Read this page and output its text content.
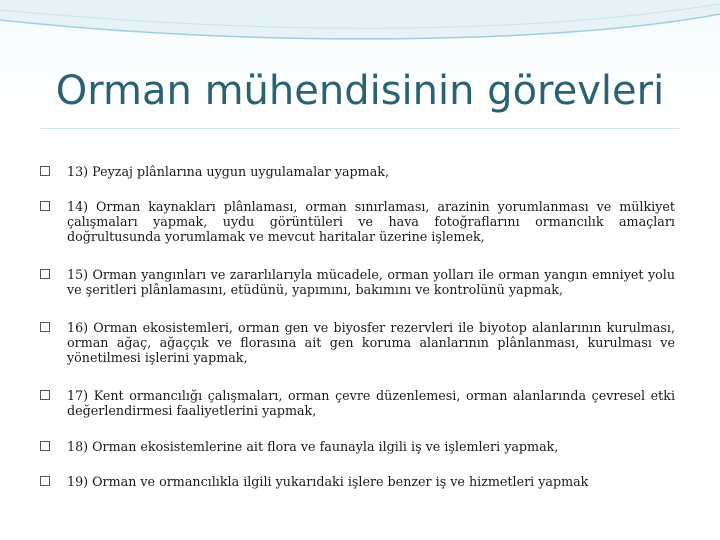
Orman mühendisinin görevleri
13) Peyzaj plânlarına uygun uygulamalar yapmak,
14) Orman kaynakları plânlaması, orman sınırlaması, arazinin yorumlanması ve mülkiyet çalışmaları yapmak, uydu görüntüleri ve hava fotoğraflarını ormancılık amaçları doğrultusunda yorumlamak ve mevcut haritalar üzerine işlemek,
15) Orman yangınları ve zararlılarıyla mücadele, orman yolları ile orman yangın emniyet yolu ve şeritleri plânlamasını, etüdünü, yapımını, bakımını ve kontrolünü yapmak,
16) Orman ekosistemleri, orman gen ve biyosfer rezervleri ile biyotop alanlarının kurulması, orman ağaç, ağaççık ve florasına ait gen koruma alanlarının plânlanması, kurulması ve yönetilmesi işlerini yapmak,
17) Kent ormancılığı çalışmaları, orman çevre düzenlemesi, orman alanlarında çevresel etki değerlendirmesi faaliyetlerini yapmak,
18) Orman ekosistemlerine ait flora ve faunayla ilgili iş ve işlemleri yapmak,
19) Orman ve ormancılıkla ilgili yukarıdaki işlere benzer iş ve hizmetleri yapmak
